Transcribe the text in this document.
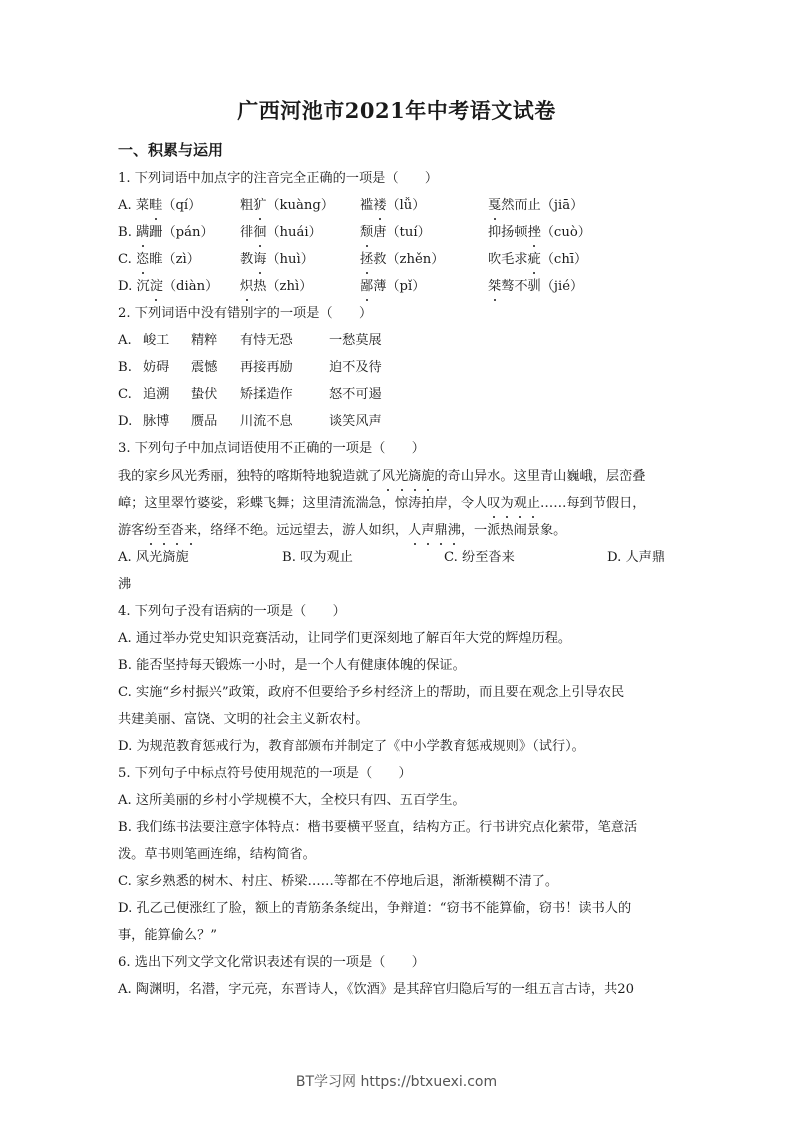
广西河池市2021年中考语文试卷
一、积累与运用
1. 下列词语中加点字的注音完全正确的一项是（　　）
A. 菜畦（qí）	粗犷（kuàng） 褴褛（lǚ）	戛然而止（jiā）
B. 蹒跚（pán） 徘徊（huái）	颓唐（tuí）	抑扬顿挫（cuò）
C. 恣睢（zì）	教诲（huì）	拯救（zhěn）	吹毛求疵（chī）
D. 沉淀（diàn） 炽热（zhì）	鄙薄（pǐ）	桀骜不驯（jié）
2. 下列词语中没有错别字的一项是（　　）
A. 峻工 精粹 有恃无恐	一愁莫展
B. 妨碍 震憾 再接再励	迫不及待
C. 追溯 蛰伏 矫揉造作	怒不可遏
D. 脉博 赝品 川流不息	谈笑风声
3. 下列句子中加点词语使用不正确的一项是（　　）
我的家乡风光秀丽，独特的喀斯特地貌造就了风光旖旎的奇山异水。这里青山巍峨，层峦叠
嶂；这里翠竹婆娑，彩蝶飞舞；这里清流湍急，惊涛拍岸，令人叹为观止……每到节假日，
游客纷至沓来，络绎不绝。远远望去，游人如织，人声鼎沸，一派热闹景象。
A. 风光旖旎	B. 叹为观止	C. 纷至沓来	D. 人声鼎
沸
4. 下列句子没有语病的一项是（　　）
A. 通过举办党史知识竞赛活动，让同学们更深刻地了解百年大党的辉煌历程。
B. 能否坚持每天锻炼一小时，是一个人有健康体魄的保证。
C. 实施“乡村振兴”政策，政府不但要给予乡村经济上的帮助，而且要在观念上引导农民
共建美丽、富饶、文明的社会主义新农村。
D. 为规范教育惩戒行为，教育部颁布并制定了《中小学教育惩戒规则》（试行）。
5. 下列句子中标点符号使用规范的一项是（　　）
A. 这所美丽的乡村小学规模不大，全校只有四、五百学生。
B. 我们练书法要注意字体特点：楷书要横平竖直，结构方正。行书讲究点化萦带，笔意活
泼。草书则笔画连绵，结构简省。
C. 家乡熟悉的树木、村庄、桥梁……等都在不停地后退，渐渐模糊不清了。
D. 孔乙己便涨红了脸，额上的青筋条条绽出，争辩道：“窃书不能算偷，窃书！读书人的
事，能算偷么？”
6. 选出下列文学文化常识表述有误的一项是（　　）
A. 陶渊明，名潜，字元亮，东晋诗人，《饮酒》是其辞官归隐后写的一组五言古诗，共20
BT学习网 https://btxuexi.com
